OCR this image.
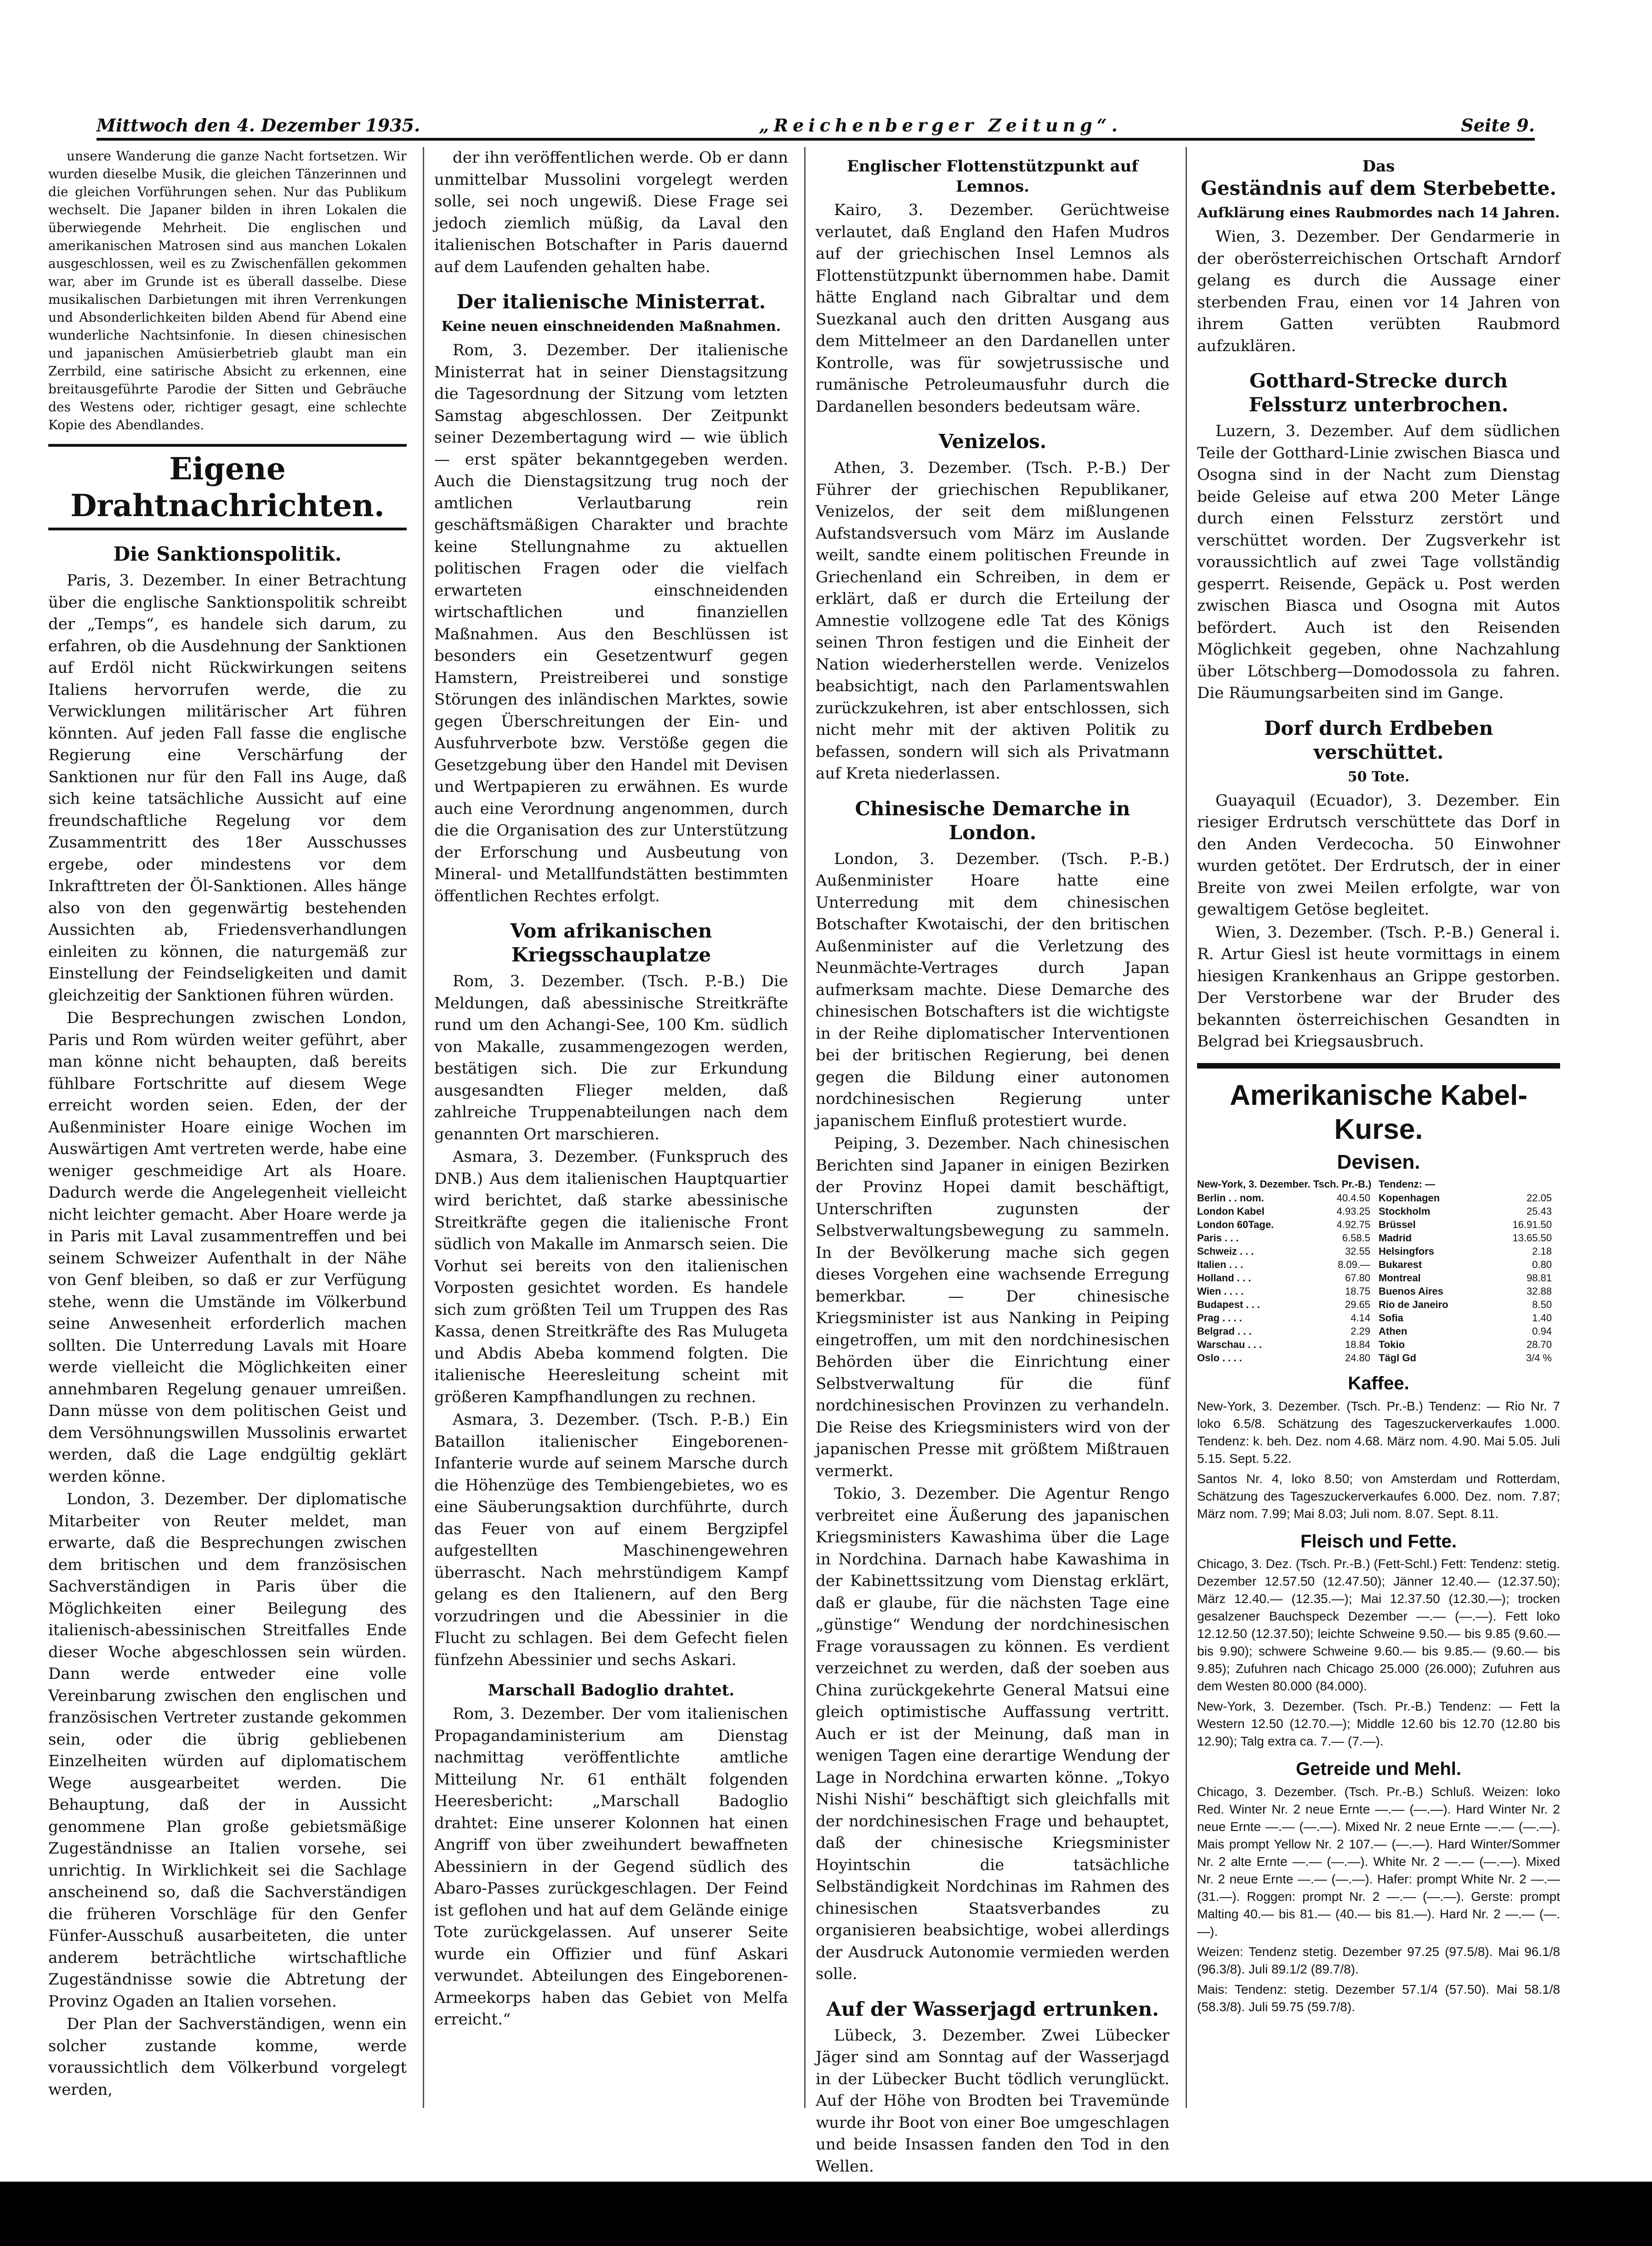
Mittwoch den 4. Dezember 1935.	„Reichenberger Zeitung“.	Seite 9.

unsere Wanderung die ganze Nacht fortsetzen. Wir wurden dieselbe Musik, die gleichen Tänzerinnen und die gleichen Vorführungen sehen. Nur das Publikum wechselt. Die Japaner bilden in ihren Lokalen die überwiegende Mehrheit. Die englischen und amerikanischen Matrosen sind aus manchen Lokalen ausgeschlossen, weil es zu Zwischenfällen gekommen war, aber im Grunde ist es überall dasselbe. Diese musikalischen Darbietungen mit ihren Verrenkungen und Absonderlichkeiten bilden Abend für Abend eine wunderliche Nachtsinfonie. In diesen chinesischen und japanischen Amüsierbetrieb glaubt man ein Zerrbild, eine satirische Absicht zu erkennen, eine breitausgeführte Parodie der Sitten und Gebräuche des Westens oder, richtiger gesagt, eine schlechte Kopie des Abendlandes.

Eigene Drahtnachrichten.
Die Sanktionspolitik.

Paris, 3. Dezember. In einer Betrachtung über die englische Sanktionspolitik schreibt der „Temps“, es handele sich darum, zu erfahren, ob die Ausdehnung der Sanktionen auf Erdöl nicht Rückwirkungen seitens Italiens hervorrufen werde, die zu Verwicklungen militärischer Art führen könnten. Auf jeden Fall fasse die englische Regierung eine Verschärfung der Sanktionen nur für den Fall ins Auge, daß sich keine tatsächliche Aussicht auf eine freundschaftliche Regelung vor dem Zusammentritt des 18er Ausschusses ergebe, oder mindestens vor dem Inkrafttreten der Öl-Sanktionen. Alles hänge also von den gegenwärtig bestehenden Aussichten ab, Friedensverhandlungen einleiten zu können, die naturgemäß zur Einstellung der Feindseligkeiten und damit gleichzeitig der Sanktionen führen würden.

Die Besprechungen zwischen London, Paris und Rom würden weiter geführt, aber man könne nicht behaupten, daß bereits fühlbare Fortschritte auf diesem Wege erreicht worden seien. Eden, der der Außenminister Hoare einige Wochen im Auswärtigen Amt vertreten werde, habe eine weniger geschmeidige Art als Hoare. Dadurch werde die Angelegenheit vielleicht nicht leichter gemacht. Aber Hoare werde ja in Paris mit Laval zusammentreffen und bei seinem Schweizer Aufenthalt in der Nähe von Genf bleiben, so daß er zur Verfügung stehe, wenn die Umstände im Völkerbund seine Anwesenheit erforderlich machen sollten. Die Unterredung Lavals mit Hoare werde vielleicht die Möglichkeiten einer annehmbaren Regelung genauer umreißen. Dann müsse von dem politischen Geist und dem Versöhnungswillen Mussolinis erwartet werden, daß die Lage endgültig geklärt werden könne.

London, 3. Dezember. Der diplomatische Mitarbeiter von Reuter meldet, man erwarte, daß die Besprechungen zwischen dem britischen und dem französischen Sachverständigen in Paris über die Möglichkeiten einer Beilegung des italienisch-abessinischen Streitfalles Ende dieser Woche abgeschlossen sein würden. Dann werde entweder eine volle Vereinbarung zwischen den englischen und französischen Vertreter zustande gekommen sein, oder die übrig gebliebenen Einzelheiten würden auf diplomatischem Wege ausgearbeitet werden. Die Behauptung, daß der in Aussicht genommene Plan große gebietsmäßige Zugeständnisse an Italien vorsehe, sei unrichtig. In Wirklichkeit sei die Sachlage anscheinend so, daß die Sachverständigen die früheren Vorschläge für den Genfer Fünfer-Ausschuß ausarbeiteten, die unter anderem beträchtliche wirtschaftliche Zugeständnisse sowie die Abtretung der Provinz Ogaden an Italien vorsehen.

Der Plan der Sachverständigen, wenn ein solcher zustande komme, werde voraussichtlich dem Völkerbund vorgelegt werden,

der ihn veröffentlichen werde. Ob er dann unmittelbar Mussolini vorgelegt werden solle, sei noch ungewiß. Diese Frage sei jedoch ziemlich müßig, da Laval den italienischen Botschafter in Paris dauernd auf dem Laufenden gehalten habe.

Der italienische Ministerrat.
Keine neuen einschneidenden Maßnahmen.

Rom, 3. Dezember. Der italienische Ministerrat hat in seiner Dienstagsitzung die Tagesordnung der Sitzung vom letzten Samstag abgeschlossen. Der Zeitpunkt seiner Dezembertagung wird — wie üblich — erst später bekanntgegeben werden. Auch die Dienstagsitzung trug noch der amtlichen Verlautbarung rein geschäftsmäßigen Charakter und brachte keine Stellungnahme zu aktuellen politischen Fragen oder die vielfach erwarteten einschneidenden wirtschaftlichen und finanziellen Maßnahmen. Aus den Beschlüssen ist besonders ein Gesetzentwurf gegen Hamstern, Preistreiberei und sonstige Störungen des inländischen Marktes, sowie gegen Überschreitungen der Ein- und Ausfuhrverbote bzw. Verstöße gegen die Gesetzgebung über den Handel mit Devisen und Wertpapieren zu erwähnen. Es wurde auch eine Verordnung angenommen, durch die die Organisation des zur Unterstützung der Erforschung und Ausbeutung von Mineral- und Metallfundstätten bestimmten öffentlichen Rechtes erfolgt.

Vom afrikanischen Kriegsschauplatze

Rom, 3. Dezember. (Tsch. P.-B.) Die Meldungen, daß abessinische Streitkräfte rund um den Achangi-See, 100 Km. südlich von Makalle, zusammengezogen werden, bestätigen sich. Die zur Erkundung ausgesandten Flieger melden, daß zahlreiche Truppenabteilungen nach dem genannten Ort marschieren.

Asmara, 3. Dezember. (Funkspruch des DNB.) Aus dem italienischen Hauptquartier wird berichtet, daß starke abessinische Streitkräfte gegen die italienische Front südlich von Makalle im Anmarsch seien. Die Vorhut sei bereits von den italienischen Vorposten gesichtet worden. Es handele sich zum größten Teil um Truppen des Ras Kassa, denen Streitkräfte des Ras Mulugeta und Abdis Abeba kommend folgten. Die italienische Heeresleitung scheint mit größeren Kampfhandlungen zu rechnen.

Asmara, 3. Dezember. (Tsch. P.-B.) Ein Bataillon italienischer Eingeborenen-Infanterie wurde auf seinem Marsche durch die Höhenzüge des Tembiengebietes, wo es eine Säuberungsaktion durchführte, durch das Feuer von auf einem Bergzipfel aufgestellten Maschinengewehren überrascht. Nach mehrstündigem Kampf gelang es den Italienern, auf den Berg vorzudringen und die Abessinier in die Flucht zu schlagen. Bei dem Gefecht fielen fünfzehn Abessinier und sechs Askari.

Marschall Badoglio drahtet.

Rom, 3. Dezember. Der vom italienischen Propagandaministerium am Dienstag nachmittag veröffentlichte amtliche Mitteilung Nr. 61 enthält folgenden Heeresbericht: „Marschall Badoglio drahtet: Eine unserer Kolonnen hat einen Angriff von über zweihundert bewaffneten Abessiniern in der Gegend südlich des Abaro-Passes zurückgeschlagen. Der Feind ist geflohen und hat auf dem Gelände einige Tote zurückgelassen. Auf unserer Seite wurde ein Offizier und fünf Askari verwundet. Abteilungen des Eingeborenen-Armeekorps haben das Gebiet von Melfa erreicht.“

Englischer Flottenstützpunkt auf Lemnos.

Kairo, 3. Dezember. Gerüchtweise verlautet, daß England den Hafen Mudros auf der griechischen Insel Lemnos als Flottenstützpunkt übernommen habe. Damit hätte England nach Gibraltar und dem Suezkanal auch den dritten Ausgang aus dem Mittelmeer an den Dardanellen unter Kontrolle, was für sowjetrussische und rumänische Petroleumausfuhr durch die Dardanellen besonders bedeutsam wäre.

Venizelos.

Athen, 3. Dezember. (Tsch. P.-B.) Der Führer der griechischen Republikaner, Venizelos, der seit dem mißlungenen Aufstandsversuch vom März im Auslande weilt, sandte einem politischen Freunde in Griechenland ein Schreiben, in dem er erklärt, daß er durch die Erteilung der Amnestie vollzogene edle Tat des Königs seinen Thron festigen und die Einheit der Nation wiederherstellen werde. Venizelos beabsichtigt, nach den Parlamentswahlen zurückzukehren, ist aber entschlossen, sich nicht mehr mit der aktiven Politik zu befassen, sondern will sich als Privatmann auf Kreta niederlassen.

Chinesische Demarche in London.

London, 3. Dezember. (Tsch. P.-B.) Außenminister Hoare hatte eine Unterredung mit dem chinesischen Botschafter Kwotaischi, der den britischen Außenminister auf die Verletzung des Neunmächte-Vertrages durch Japan aufmerksam machte. Diese Demarche des chinesischen Botschafters ist die wichtigste in der Reihe diplomatischer Interventionen bei der britischen Regierung, bei denen gegen die Bildung einer autonomen nordchinesischen Regierung unter japanischem Einfluß protestiert wurde.

Peiping, 3. Dezember. Nach chinesischen Berichten sind Japaner in einigen Bezirken der Provinz Hopei damit beschäftigt, Unterschriften zugunsten der Selbstverwaltungsbewegung zu sammeln. In der Bevölkerung mache sich gegen dieses Vorgehen eine wachsende Erregung bemerkbar. — Der chinesische Kriegsminister ist aus Nanking in Peiping eingetroffen, um mit den nordchinesischen Behörden über die Einrichtung einer Selbstverwaltung für die fünf nordchinesischen Provinzen zu verhandeln. Die Reise des Kriegsministers wird von der japanischen Presse mit größtem Mißtrauen vermerkt.

Tokio, 3. Dezember. Die Agentur Rengo verbreitet eine Äußerung des japanischen Kriegsministers Kawashima über die Lage in Nordchina. Darnach habe Kawashima in der Kabinettssitzung vom Dienstag erklärt, daß er glaube, für die nächsten Tage eine „günstige“ Wendung der nordchinesischen Frage voraussagen zu können. Es verdient verzeichnet zu werden, daß der soeben aus China zurückgekehrte General Matsui eine gleich optimistische Auffassung vertritt. Auch er ist der Meinung, daß man in wenigen Tagen eine derartige Wendung der Lage in Nordchina erwarten könne. „Tokyo Nishi Nishi“ beschäftigt sich gleichfalls mit der nordchinesischen Frage und behauptet, daß der chinesische Kriegsminister Hoyintschin die tatsächliche Selbständigkeit Nordchinas im Rahmen des chinesischen Staatsverbandes zu organisieren beabsichtige, wobei allerdings der Ausdruck Autonomie vermieden werden solle.

Auf der Wasserjagd ertrunken.

Lübeck, 3. Dezember. Zwei Lübecker Jäger sind am Sonntag auf der Wasserjagd in der Lübecker Bucht tödlich verunglückt. Auf der Höhe von Brodten bei Travemünde wurde ihr Boot von einer Boe umgeschlagen und beide Insassen fanden den Tod in den Wellen.

Das
Geständnis auf dem Sterbebette.
Aufklärung eines Raubmordes nach 14 Jahren.

Wien, 3. Dezember. Der Gendarmerie in der oberösterreichischen Ortschaft Arndorf gelang es durch die Aussage einer sterbenden Frau, einen vor 14 Jahren von ihrem Gatten verübten Raubmord aufzuklären.

Gotthard-Strecke durch Felssturz unterbrochen.

Luzern, 3. Dezember. Auf dem südlichen Teile der Gotthard-Linie zwischen Biasca und Osogna sind in der Nacht zum Dienstag beide Geleise auf etwa 200 Meter Länge durch einen Felssturz zerstört und verschüttet worden. Der Zugsverkehr ist voraussichtlich auf zwei Tage vollständig gesperrt. Reisende, Gepäck u. Post werden zwischen Biasca und Osogna mit Autos befördert. Auch ist den Reisenden Möglichkeit gegeben, ohne Nachzahlung über Lötschberg—Domodossola zu fahren. Die Räumungsarbeiten sind im Gange.

Dorf durch Erdbeben verschüttet.
50 Tote.

Guayaquil (Ecuador), 3. Dezember. Ein riesiger Erdrutsch verschüttete das Dorf in den Anden Verdecocha. 50 Einwohner wurden getötet. Der Erdrutsch, der in einer Breite von zwei Meilen erfolgte, war von gewaltigem Getöse begleitet.

Wien, 3. Dezember. (Tsch. P.-B.) General i. R. Artur Giesl ist heute vormittags in einem hiesigen Krankenhaus an Grippe gestorben. Der Verstorbene war der Bruder des bekannten österreichischen Gesandten in Belgrad bei Kriegsausbruch.

Amerikanische Kabel-Kurse.
Devisen.
New-York, 3. Dezember. Tsch. Pr.-B.) Tendenz: —
Berlin . . nom.	40.4.50
London Kabel	4.93.25
London 60Tage.	4.92.75
Paris . . .	6.58.5
Schweiz . . .	32.55
Italien . . .	8.09.—
Holland . . .	67.80
Wien . . . .	18.75
Budapest . . .	29.65
Prag . . . .	4.14
Belgrad . . .	2.29
Warschau . . .	18.84
Oslo . . . .	24.80
Kopenhagen	22.05
Stockholm	25.43
Brüssel	16.91.50
Madrid	13.65.50
Helsingfors	2.18
Bukarest	0.80
Montreal	98.81
Buenos Aires	32.88
Rio de Janeiro	8.50
Sofia	1.40
Athen	0.94
Tokio	28.70
Tägl Gd	3/4 %
Kaffee.

New-York, 3. Dezember. (Tsch. Pr.-B.) Tendenz: — Rio Nr. 7 loko 6.5/8. Schätzung des Tageszuckerverkaufes 1.000. Tendenz: k. beh. Dez. nom 4.68. März nom. 4.90. Mai 5.05. Juli 5.15. Sept. 5.22.

Santos Nr. 4, loko 8.50; von Amsterdam und Rotterdam, Schätzung des Tageszuckerverkaufes 6.000. Dez. nom. 7.87; März nom. 7.99; Mai 8.03; Juli nom. 8.07. Sept. 8.11.

Fleisch und Fette.

Chicago, 3. Dez. (Tsch. Pr.-B.) (Fett-Schl.) Fett: Tendenz: stetig. Dezember 12.57.50 (12.47.50); Jänner 12.40.— (12.37.50); März 12.40.— (12.35.—); Mai 12.37.50 (12.30.—); trocken gesalzener Bauchspeck Dezember —.— (—.—). Fett loko 12.12.50 (12.37.50); leichte Schweine 9.50.— bis 9.85 (9.60.— bis 9.90); schwere Schweine 9.60.— bis 9.85.— (9.60.— bis 9.85); Zufuhren nach Chicago 25.000 (26.000); Zufuhren aus dem Westen 80.000 (84.000).

New-York, 3. Dezember. (Tsch. Pr.-B.) Tendenz: — Fett la Western 12.50 (12.70.—); Middle 12.60 bis 12.70 (12.80 bis 12.90); Talg extra ca. 7.— (7.—).

Getreide und Mehl.

Chicago, 3. Dezember. (Tsch. Pr.-B.) Schluß. Weizen: loko Red. Winter Nr. 2 neue Ernte —.— (—.—). Hard Winter Nr. 2 neue Ernte —.— (—.—). Mixed Nr. 2 neue Ernte —.— (—.—). Mais prompt Yellow Nr. 2 107.— (—.—). Hard Winter/Sommer Nr. 2 alte Ernte —.— (—.—). White Nr. 2 —.— (—.—). Mixed Nr. 2 neue Ernte —.— (—.—). Hafer: prompt White Nr. 2 —.— (31.—). Roggen: prompt Nr. 2 —.— (—.—). Gerste: prompt Malting 40.— bis 81.— (40.— bis 81.—). Hard Nr. 2 —.— (—.—).

Weizen: Tendenz stetig. Dezember 97.25 (97.5/8). Mai 96.1/8 (96.3/8). Juli 89.1/2 (89.7/8).

Mais: Tendenz: stetig. Dezember 57.1/4 (57.50). Mai 58.1/8 (58.3/8). Juli 59.75 (59.7/8).
